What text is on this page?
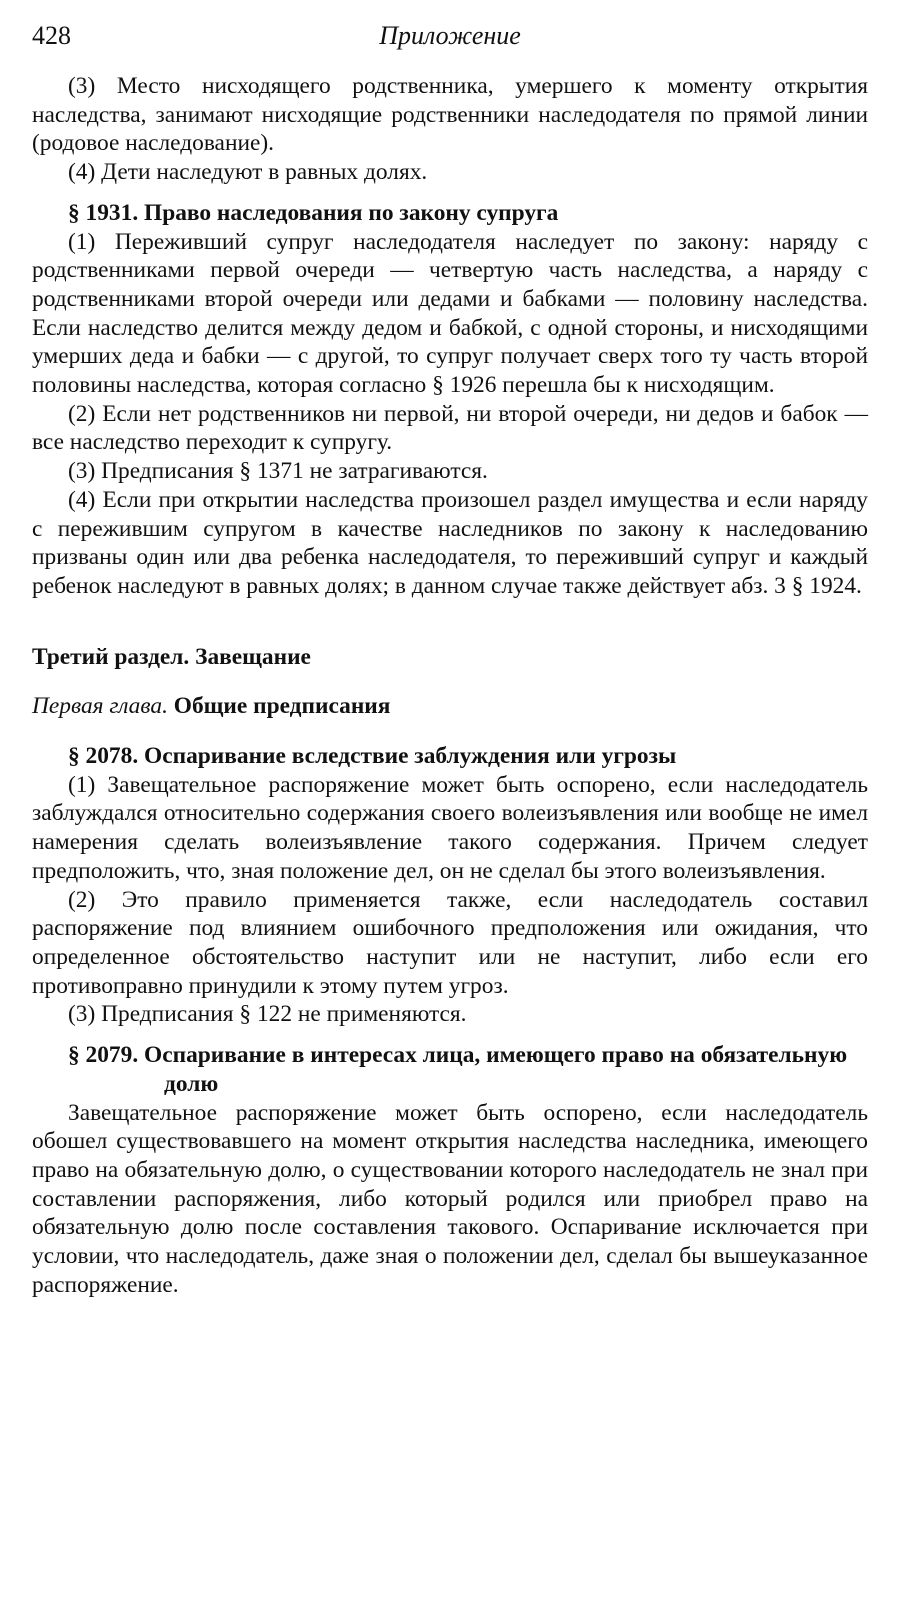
428	Приложение

(3) Место нисходящего родственника, умершего к моменту открытия наследства, занимают нисходящие родственники наследодателя по прямой линии (родовое наследование).

(4) Дети наследуют в равных долях.

§ 1931. Право наследования по закону супруга

(1) Переживший супруг наследодателя наследует по закону: наряду с родственниками первой очереди — четвертую часть наследства, а наряду с родственниками второй очереди или дедами и бабками — половину наследства. Если наследство делится между дедом и бабкой, с одной стороны, и нисходящими умерших деда и бабки — с другой, то супруг получает сверх того ту часть второй половины наследства, которая согласно § 1926 перешла бы к нисходящим.

(2) Если нет родственников ни первой, ни второй очереди, ни дедов и бабок — все наследство переходит к супругу.

(3) Предписания § 1371 не затрагиваются.

(4) Если при открытии наследства произошел раздел имущества и если наряду с пережившим супругом в качестве наследников по закону к наследованию призваны один или два ребенка наследодателя, то переживший супруг и каждый ребенок наследуют в равных долях; в данном случае также действует абз. 3 § 1924.

Третий раздел. Завещание

Первая глава. Общие предписания

§ 2078. Оспаривание вследствие заблуждения или угрозы

(1) Завещательное распоряжение может быть оспорено, если наследодатель заблуждался относительно содержания своего волеизъявления или вообще не имел намерения сделать волеизъявление такого содержания. Причем следует предположить, что, зная положение дел, он не сделал бы этого волеизъявления.

(2) Это правило применяется также, если наследодатель составил распоряжение под влиянием ошибочного предположения или ожидания, что определенное обстоятельство наступит или не наступит, либо если его противоправно принудили к этому путем угроз.

(3) Предписания § 122 не применяются.

§ 2079. Оспаривание в интересах лица, имеющего право на обязательную долю

Завещательное распоряжение может быть оспорено, если наследодатель обошел существовавшего на момент открытия наследства наследника, имеющего право на обязательную долю, о существовании которого наследодатель не знал при составлении распоряжения, либо который родился или приобрел право на обязательную долю после составления такового. Оспаривание исключается при условии, что наследодатель, даже зная о положении дел, сделал бы вышеуказанное распоряжение.
